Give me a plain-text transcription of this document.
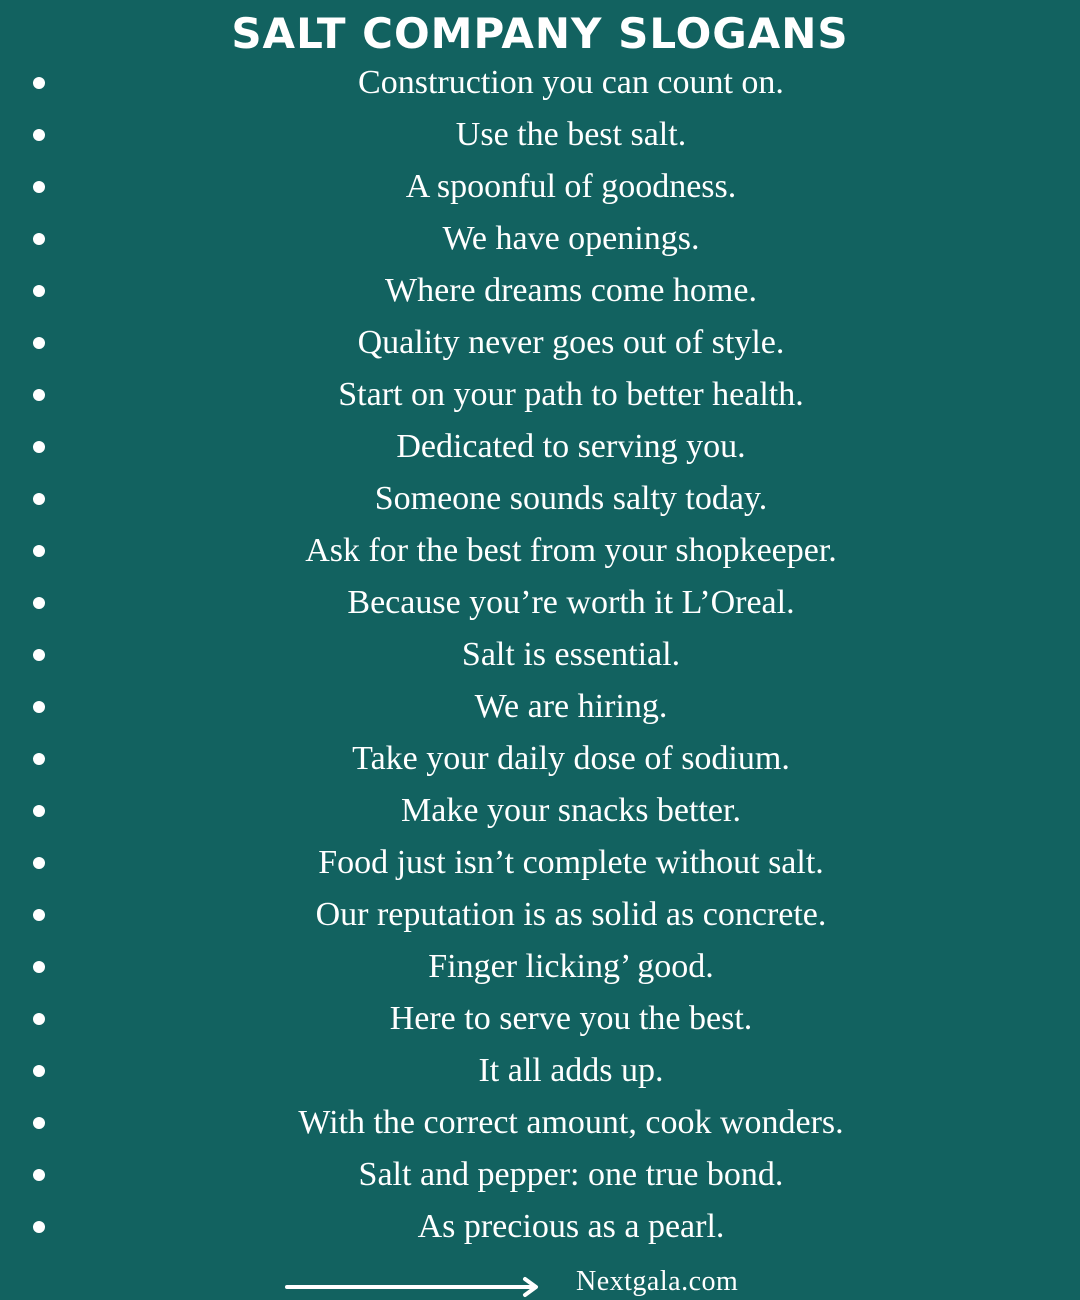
SALT COMPANY SLOGANS
Construction you can count on.
Use the best salt.
A spoonful of goodness.
We have openings.
Where dreams come home.
Quality never goes out of style.
Start on your path to better health.
Dedicated to serving you.
Someone sounds salty today.
Ask for the best from your shopkeeper.
Because you’re worth it L’Oreal.
Salt is essential.
We are hiring.
Take your daily dose of sodium.
Make your snacks better.
Food just isn’t complete without salt.
Our reputation is as solid as concrete.
Finger licking’ good.
Here to serve you the best.
It all adds up.
With the correct amount, cook wonders.
Salt and pepper: one true bond.
As precious as a pearl.
Nextgala.com
